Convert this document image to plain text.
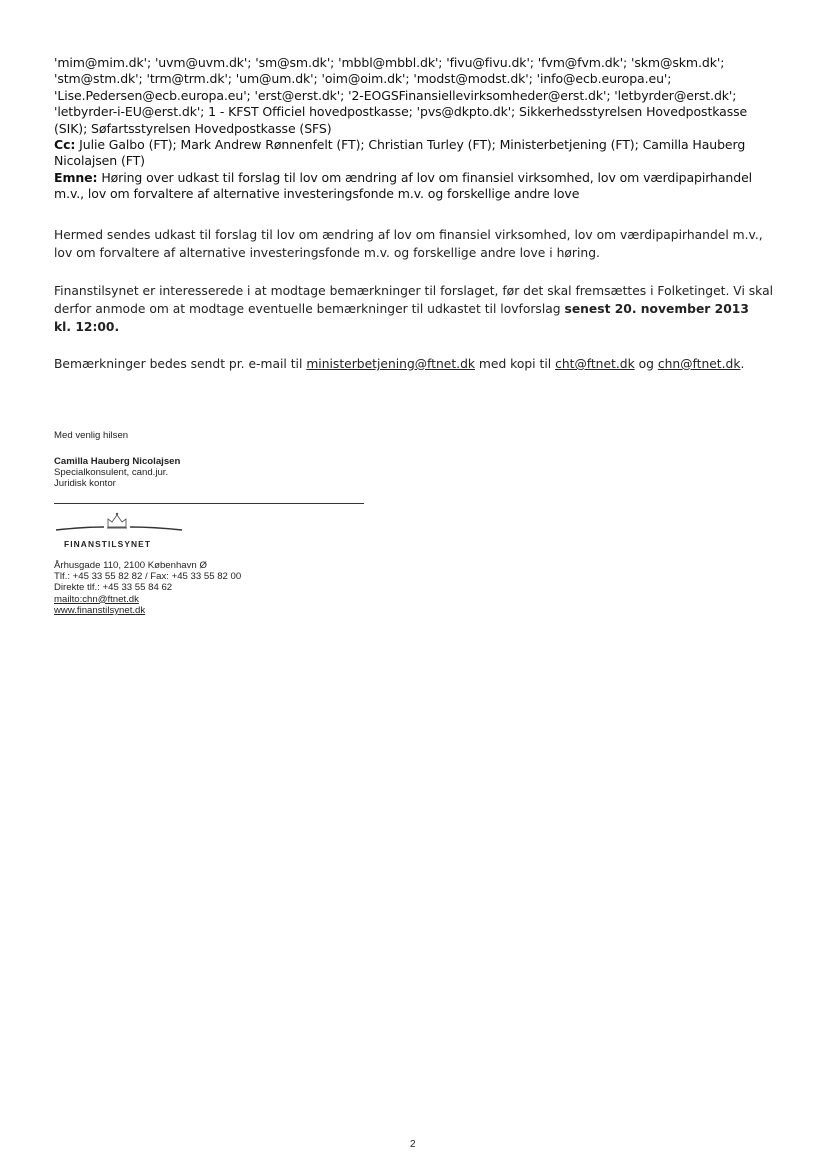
'mim@mim.dk'; 'uvm@uvm.dk'; 'sm@sm.dk'; 'mbbl@mbbl.dk'; 'fivu@fivu.dk'; 'fvm@fvm.dk'; 'skm@skm.dk';
'stm@stm.dk'; 'trm@trm.dk'; 'um@um.dk'; 'oim@oim.dk'; 'modst@modst.dk'; 'info@ecb.europa.eu';
'Lise.Pedersen@ecb.europa.eu'; 'erst@erst.dk'; '2-EOGSFinansiellevirksomheder@erst.dk'; 'letbyrder@erst.dk';
'letbyrder-i-EU@erst.dk'; 1 - KFST Officiel hovedpostkasse; 'pvs@dkpto.dk'; Sikkerhedsstyrelsen Hovedpostkasse
(SIK); Søfartsstyrelsen Hovedpostkasse (SFS)
Cc: Julie Galbo (FT); Mark Andrew Rønnenfelt (FT); Christian Turley (FT); Ministerbetjening (FT); Camilla Hauberg
Nicolajsen (FT)
Emne: Høring over udkast til forslag til lov om ændring af lov om finansiel virksomhed, lov om værdipapirhandel
m.v., lov om forvaltere af alternative investeringsfonde m.v. og forskellige andre love
Hermed sendes udkast til forslag til lov om ændring af lov om finansiel virksomhed, lov om værdipapirhandel m.v.,
lov om forvaltere af alternative investeringsfonde m.v. og forskellige andre love i høring.
Finanstilsynet er interesserede i at modtage bemærkninger til forslaget, før det skal fremsættes i Folketinget. Vi skal
derfor anmode om at modtage eventuelle bemærkninger til udkastet til lovforslag senest 20. november 2013
kl. 12:00.
Bemærkninger bedes sendt pr. e-mail til ministerbetjening@ftnet.dk med kopi til cht@ftnet.dk og chn@ftnet.dk.
Med venlig hilsen
Camilla Hauberg Nicolajsen
Specialkonsulent, cand.jur.
Juridisk kontor
FINANSTILSYNET
Århusgade 110, 2100 København Ø
Tlf.: +45 33 55 82 82 / Fax: +45 33 55 82 00
Direkte tlf.: +45 33 55 84 62
mailto:chn@ftnet.dk
www.finanstilsynet.dk
2
